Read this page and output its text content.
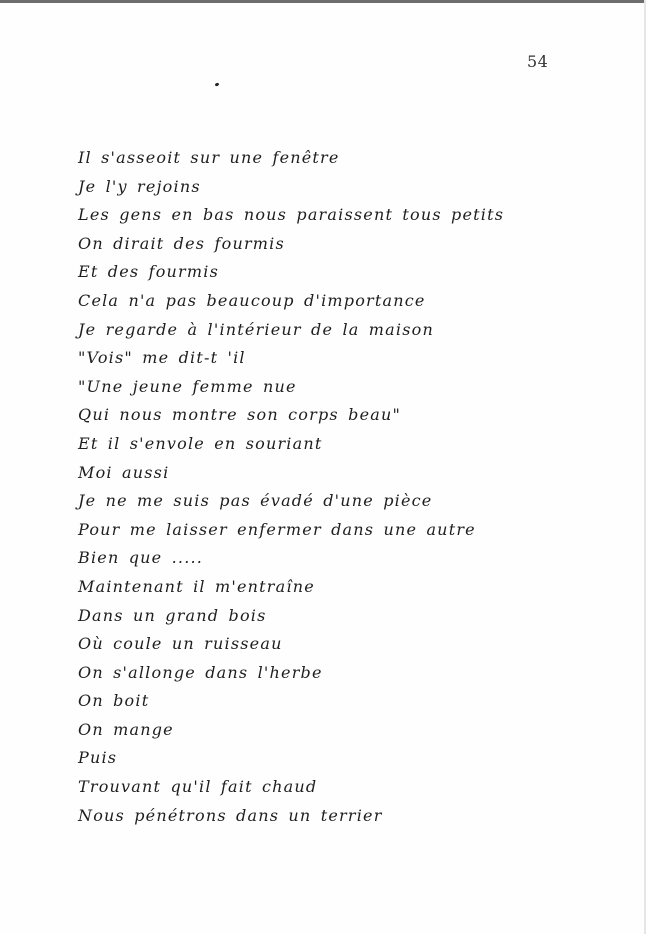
54
Il s'asseoit sur une fenêtre
Je l'y rejoins
Les gens en bas nous paraissent tous petits
On dirait des fourmis
Et des fourmis
Cela n'a pas beaucoup d'importance
Je regarde à l'intérieur de la maison
"Vois" me dit-t 'il
"Une jeune femme nue
Qui nous montre son corps beau"
Et il s'envole en souriant
Moi aussi
Je ne me suis pas évadé d'une pièce
Pour me laisser enfermer dans une autre
Bien que .....
Maintenant il m'entraîne
Dans un grand bois
Où coule un ruisseau
On s'allonge dans l'herbe
On boit
On mange
Puis
Trouvant qu'il fait chaud
Nous pénétrons dans un terrier
